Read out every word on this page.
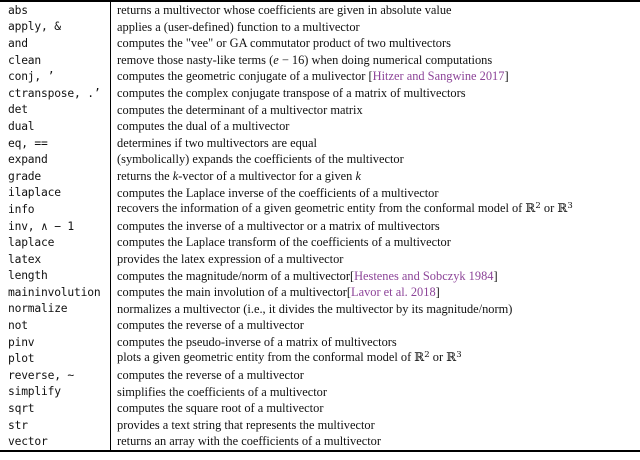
abs	returns a multivector whose coefficients are given in absolute value
apply, &	applies a (user-defined) function to a multivector
and	computes the "vee" or GA commutator product of two multivectors
clean	remove those nasty-like terms (e − 16) when doing numerical computations
conj, ’	computes the geometric conjugate of a mulivector [Hitzer and Sangwine 2017]
ctranspose, .’	computes the complex conjugate transpose of a matrix of multivectors
det	computes the determinant of a multivector matrix
dual	computes the dual of a multivector
eq, ==	determines if two multivectors are equal
expand	(symbolically) expands the coefficients of the multivector
grade	returns the k-vector of a multivector for a given k
ilaplace	computes the Laplace inverse of the coefficients of a multivector
info	recovers the information of a given geometric entity from the conformal model of ℝ$^2$ or ℝ$^3$
inv, ∧ − 1	computes the inverse of a multivector or a matrix of multivectors
laplace	computes the Laplace transform of the coefficients of a multivector
latex	provides the latex expression of a multivector
length	computes the magnitude/norm of a multivector[Hestenes and Sobczyk 1984]
maininvolution	computes the main involution of a multivector[Lavor et al. 2018]
normalize	normalizes a multivector (i.e., it divides the multivector by its magnitude/norm)
not	computes the reverse of a multivector
pinv	computes the pseudo-inverse of a matrix of multivectors
plot	plots a given geometric entity from the conformal model of ℝ$^2$ or ℝ$^3$
reverse, ~	computes the reverse of a multivector
simplify	simplifies the coefficients of a multivector
sqrt	computes the square root of a multivector
str	provides a text string that represents the multivector
vector	returns an array with the coefficients of a multivector
